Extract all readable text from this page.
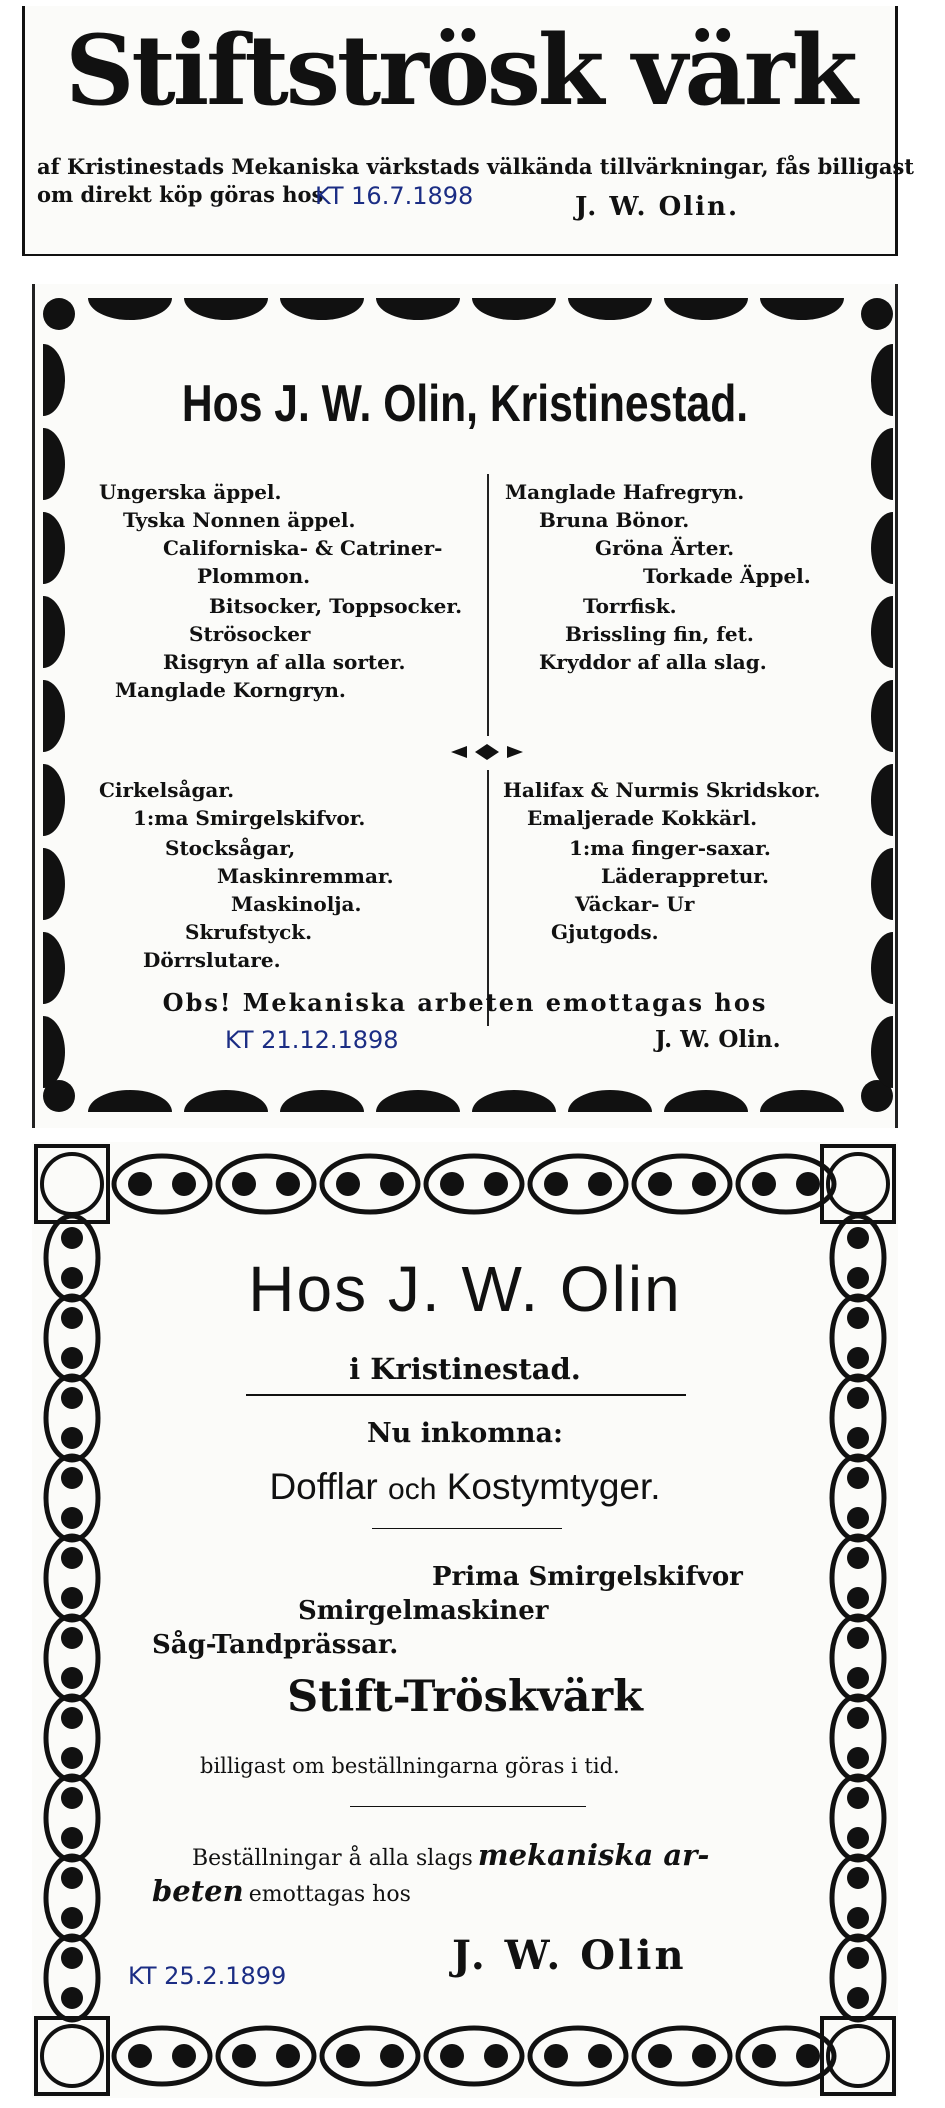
Stiftströsk värk
af Kristinestads Mekaniska värkstads välkända tillvärkningar, fås billigast
om direkt köp göras hos	J. W. Olin.
KT 16.7.1898
Hos J. W. Olin, Kristinestad.
Ungerska äppel.
Tyska Nonnen äppel.
Californiska- & Catriner-
Plommon.
Bitsocker, Toppsocker.
Strösocker
Risgryn af alla sorter.
Manglade Korngryn.
Manglade Hafregryn.
Bruna Bönor.
Gröna Ärter.
Torkade Äppel.
Torrfisk.
Brissling fin, fet.
Kryddor af alla slag.
Cirkelsågar.
1:ma Smirgelskifvor.
Stocksågar,
Maskinremmar.
Maskinolja.
Skrufstyck.
Dörrslutare.
Halifax & Nurmis Skridskor.
Emaljerade Kokkärl.
1:ma finger-saxar.
Läderappretur.
Väckar- Ur
Gjutgods.
Obs! Mekaniska arbeten emottagas hos
J. W. Olin.
KT 21.12.1898
Hos J. W. Olin
i Kristinestad.
Nu inkomna:
Dofflar och Kostymtyger.
Prima Smirgelskifvor
Smirgelmaskiner
Såg-Tandprässar.
Stift-Tröskvärk
billigast om beställningarna göras i tid.
Beställningar å alla slags mekaniska ar-
beten emottagas hos
J. W. Olin
KT 25.2.1899
